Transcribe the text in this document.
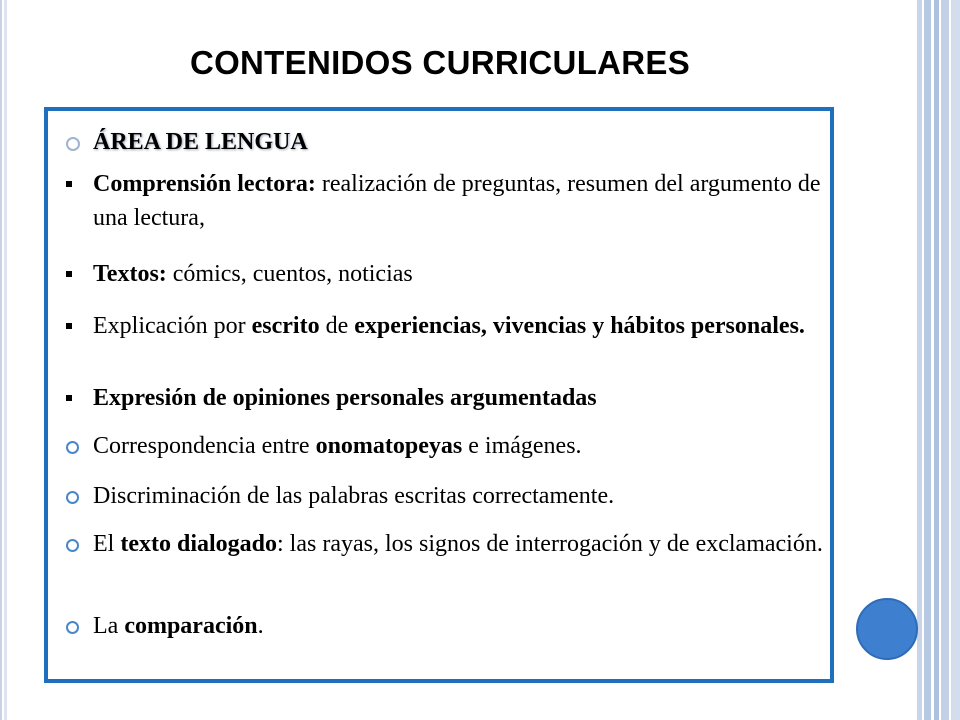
CONTENIDOS CURRICULARES
ÁREA DE LENGUA
Comprensión lectora: realización de preguntas, resumen del argumento de una lectura,
Textos: cómics, cuentos, noticias
Explicación por escrito de experiencias, vivencias y hábitos personales.
Expresión de opiniones personales argumentadas
Correspondencia entre onomatopeyas e imágenes.
Discriminación de las palabras escritas correctamente.
El texto dialogado: las rayas, los signos de interrogación y de exclamación.
La comparación.
